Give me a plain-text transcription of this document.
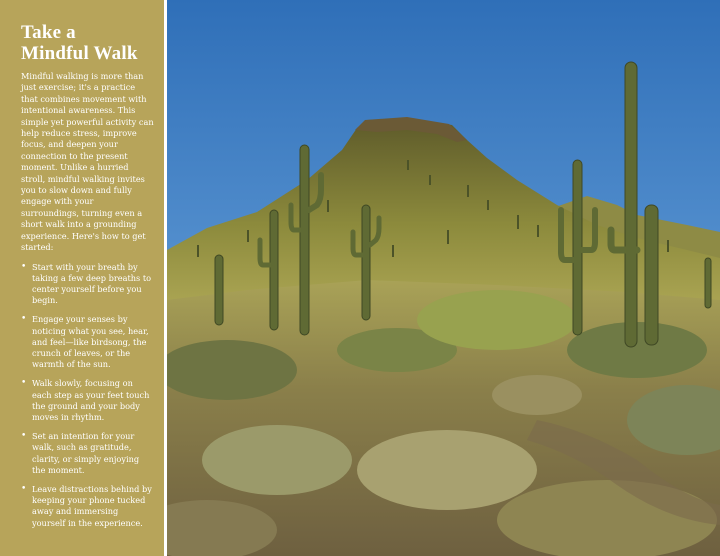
Take a
Mindful Walk

Mindful walking is more than just exercise; it's a practice that combines movement with intentional awareness. This simple yet powerful activity can help reduce stress, improve focus, and deepen your connection to the present moment. Unlike a hurried stroll, mindful walking invites you to slow down and fully engage with your surroundings, turning even a short walk into a grounding experience. Here's how to get started:

• Start with your breath by taking a few deep breaths to center yourself before you begin.
• Engage your senses by noticing what you see, hear, and feel—like birdsong, the crunch of leaves, or the warmth of the sun.
• Walk slowly, focusing on each step as your feet touch the ground and your body moves in rhythm.
• Set an intention for your walk, such as gratitude, clarity, or simply enjoying the moment.
• Leave distractions behind by keeping your phone tucked away and immersing yourself in the experience.
